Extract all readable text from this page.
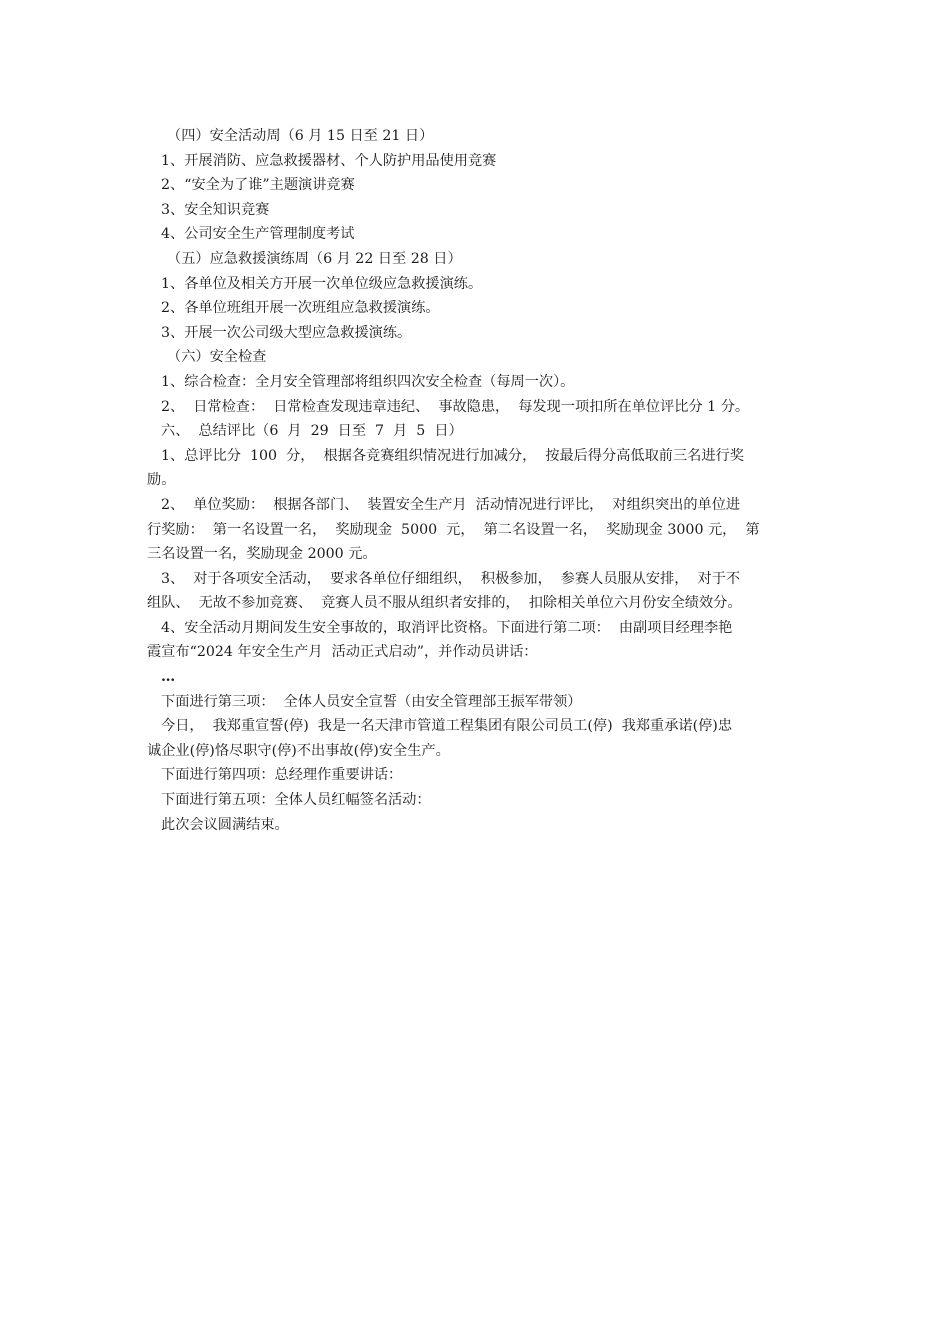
（四）安全活动周（6 月 15 日至 21 日）

1、开展消防、应急救援器材、个人防护用品使用竞赛

2、“安全为了谁”主题演讲竞赛

3、安全知识竞赛

4、公司安全生产管理制度考试

（五）应急救援演练周（6 月 22 日至 28 日）

1、各单位及相关方开展一次单位级应急救援演练。

2、各单位班组开展一次班组应急救援演练。

3、开展一次公司级大型应急救援演练。

（六）安全检查

1、综合检查：全月安全管理部将组织四次安全检查（每周一次）。

2、  日常检查：  日常检查发现违章违纪、  事故隐患，  每发现一项扣所在单位评比分 1 分。

六、  总结评比（6  月  29  日至  7  月  5  日）

1、总评比分  100  分，  根据各竞赛组织情况进行加减分，  按最后得分高低取前三名进行奖

励。

2、  单位奖励：  根据各部门、  装置安全生产月  活动情况进行评比，  对组织突出的单位进

行奖励：  第一名设置一名，  奖励现金  5000  元，  第二名设置一名，  奖励现金 3000 元，  第

三名设置一名，奖励现金 2000 元。

3、  对于各项安全活动，  要求各单位仔细组织，  积极参加，  参赛人员服从安排，  对于不

组队、  无故不参加竞赛、  竞赛人员不服从组织者安排的，  扣除相关单位六月份安全绩效分。

4、安全活动月期间发生安全事故的，取消评比资格。下面进行第二项：  由副项目经理李艳

霞宣布“2024 年安全生产月  活动正式启动”，并作动员讲话：

…

下面进行第三项：  全体人员安全宣誓（由安全管理部王振军带领）

今日，  我郑重宣誓(停)  我是一名天津市管道工程集团有限公司员工(停)  我郑重承诺(停)忠

诚企业(停)恪尽职守(停)不出事故(停)安全生产。

下面进行第四项：总经理作重要讲话：

下面进行第五项：全体人员红幅签名活动：

此次会议圆满结束。
